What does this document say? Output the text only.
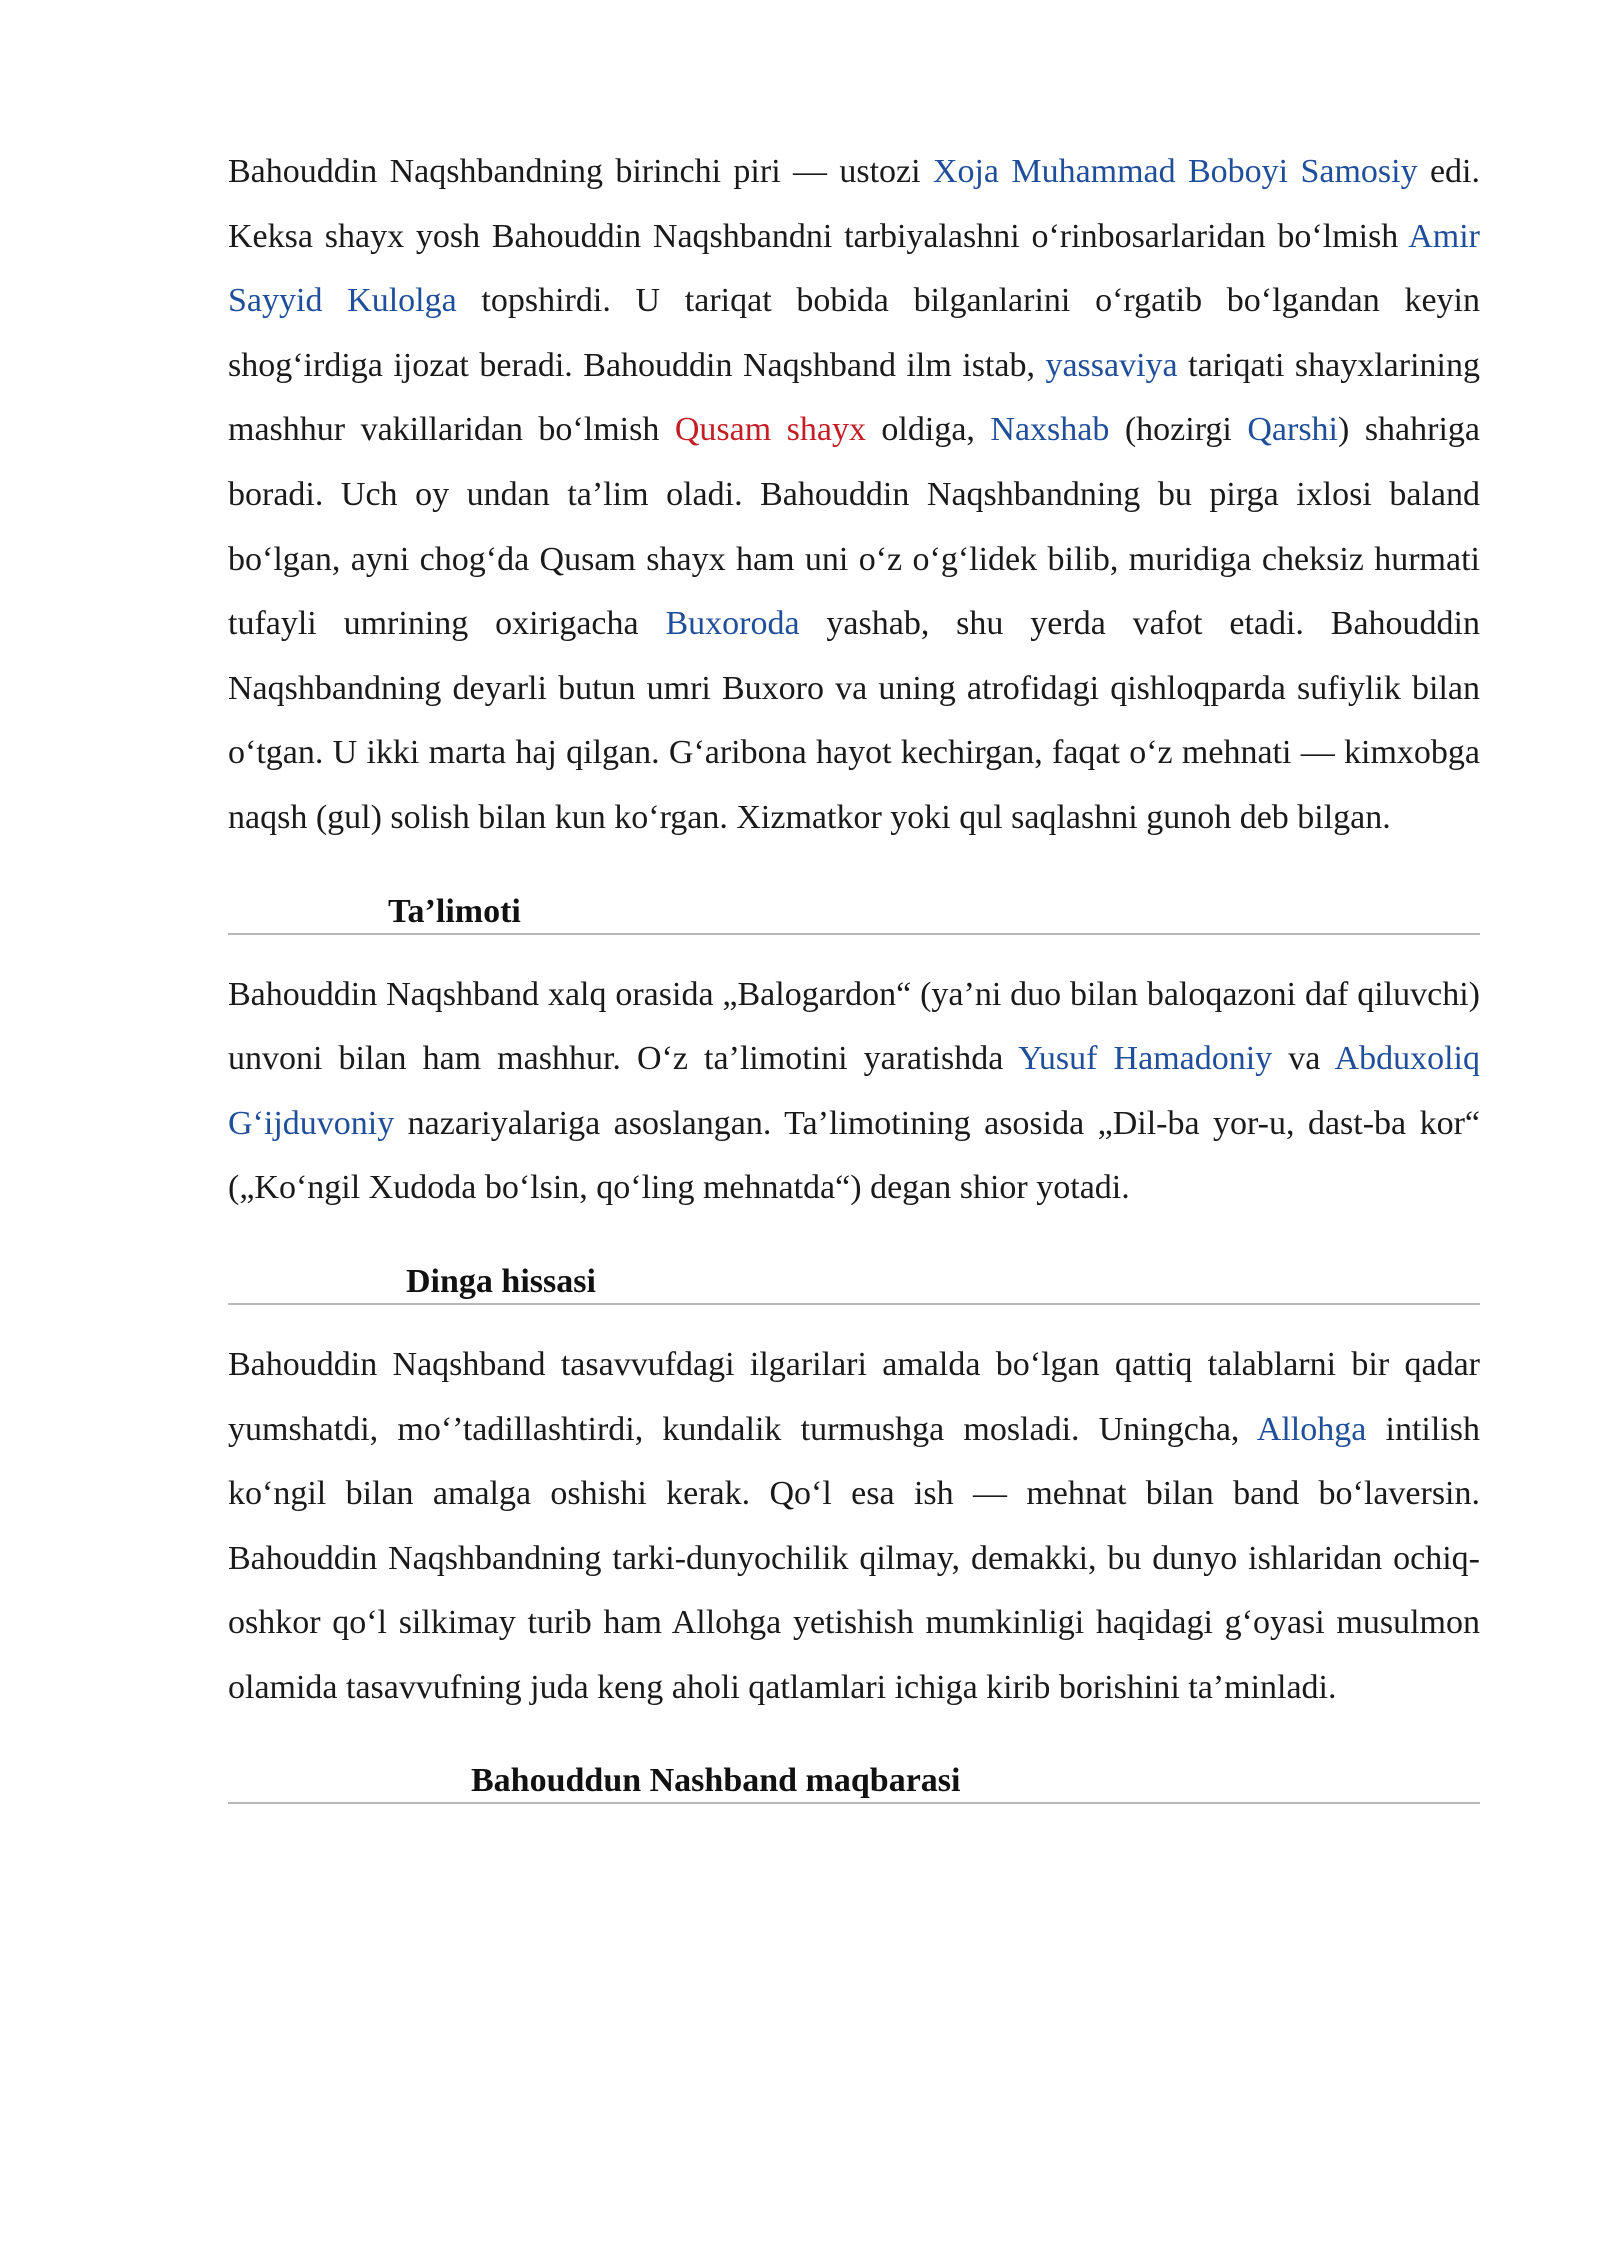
Bahouddin Naqshbandning birinchi piri — ustozi Xoja Muhammad Boboyi Samosiy edi. Keksa shayx yosh Bahouddin Naqshbandni tarbiyalashni o‘rinbosarlaridan bo‘lmish Amir Sayyid Kulolga topshirdi. U tariqat bobida bilganlarini o‘rgatib bo‘lgandan keyin shog‘irdiga ijozat beradi. Bahouddin Naqshband ilm istab, yassaviya tariqati shayxlarining mashhur vakillaridan bo‘lmish Qusam shayx oldiga, Naxshab (hozirgi Qarshi) shahriga boradi. Uch oy undan ta’lim oladi. Bahouddin Naqshbandning bu pirga ixlosi baland bo‘lgan, ayni chog‘da Qusam shayx ham uni o‘z o‘g‘lidek bilib, muridiga cheksiz hurmati tufayli umrining oxirigacha Buxoroda yashab, shu yerda vafot etadi. Bahouddin Naqshbandning deyarli butun umri Buxoro va uning atrofidagi qishloqparda sufiylik bilan o‘tgan. U ikki marta haj qilgan. G‘aribona hayot kechirgan, faqat o‘z mehnati — kimxobga naqsh (gul) solish bilan kun ko‘rgan. Xizmatkor yoki qul saqlashni gunoh deb bilgan.

Ta’limoti

Bahouddin Naqshband xalq orasida „Balogardon“ (ya’ni duo bilan baloqazoni daf qiluvchi) unvoni bilan ham mashhur. O‘z ta’limotini yaratishda Yusuf Hamadoniy va Abduxoliq G‘ijduvoniy nazariyalariga asoslangan. Ta’limotining asosida „Dil-ba yor-u, dast-ba kor“ („Ko‘ngil Xudoda bo‘lsin, qo‘ling mehnatda“) degan shior yotadi.

Dinga hissasi

Bahouddin Naqshband tasavvufdagi ilgarilari amalda bo‘lgan qattiq talablarni bir qadar yumshatdi, mo‘’tadillashtirdi, kundalik turmushga mosladi. Uningcha, Allohga intilish ko‘ngil bilan amalga oshishi kerak. Qo‘l esa ish — mehnat bilan band bo‘laversin. Bahouddin Naqshbandning tarki-dunyochilik qilmay, demakki, bu dunyo ishlaridan ochiq-oshkor qo‘l silkimay turib ham Allohga yetishish mumkinligi haqidagi g‘oyasi musulmon olamida tasavvufning juda keng aholi qatlamlari ichiga kirib borishini ta’minladi.

Bahouddun Nashband maqbarasi
